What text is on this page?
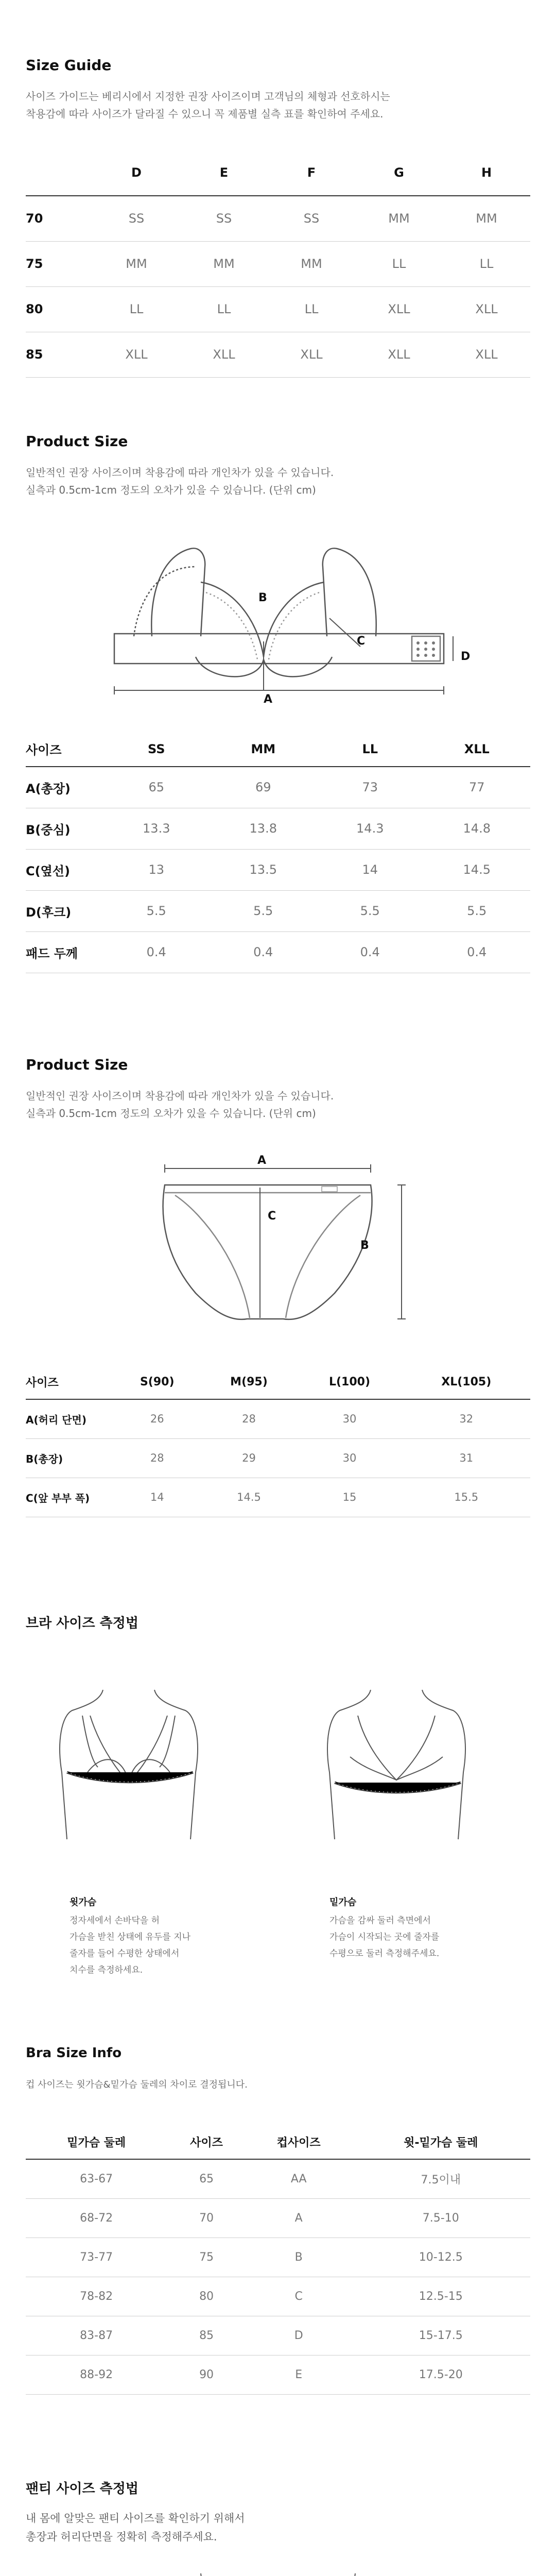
Size Guide
사이즈 가이드는 베리시에서 지정한 권장 사이즈이며 고객님의 체형과 선호하시는
착용감에 따라 사이즈가 달라질 수 있으니 꼭 제품별 실측 표를 확인하여 주세요.
	D	E	F	G	H
70	SS	SS	SS	MM	MM
75	MM	MM	MM	LL	LL
80	LL	LL	LL	XLL	XLL
85	XLL	XLL	XLL	XLL	XLL
Product Size
일반적인 권장 사이즈이며 착용감에 따라 개인차가 있을 수 있습니다.
실측과 0.5cm-1cm 정도의 오차가 있을 수 있습니다. (단위 cm)
B
C
D
A
사이즈	SS	MM	LL	XLL
A(총장)	65	69	73	77
B(중심)	13.3	13.8	14.3	14.8
C(옆선)	13	13.5	14	14.5
D(후크)	5.5	5.5	5.5	5.5
패드 두께	0.4	0.4	0.4	0.4
Product Size
일반적인 권장 사이즈이며 착용감에 따라 개인차가 있을 수 있습니다.
실측과 0.5cm-1cm 정도의 오차가 있을 수 있습니다. (단위 cm)
A
C
B
사이즈	S(90)	M(95)	L(100)	XL(105)
A(허리 단면)	26	28	30	32
B(총장)	28	29	30	31
C(앞 부부 폭)	14	14.5	15	15.5
브라 사이즈 측정법
윗가슴
정자세에서 손바닥을 허
가슴을 받친 상태에 유두를 지나
줄자를 들어 수평한 상태에서
치수를 측정하세요.
밑가슴
가슴을 감싸 둘러 측면에서
가슴이 시작되는 곳에 줄자를
수평으로 둘러 측정해주세요.
Bra Size Info
컵 사이즈는 윗가슴&밑가슴 둘레의 차이로 결정됩니다.
밑가슴 둘레	사이즈	컵사이즈	윗-밑가슴 둘레
63-67	65	AA	7.5이내
68-72	70	A	7.5-10
73-77	75	B	10-12.5
78-82	80	C	12.5-15
83-87	85	D	15-17.5
88-92	90	E	17.5-20
팬티 사이즈 측정법
내 몸에 알맞은 팬티 사이즈를 확인하기 위해서
총장과 허리단면을 정확히 측정해주세요.
